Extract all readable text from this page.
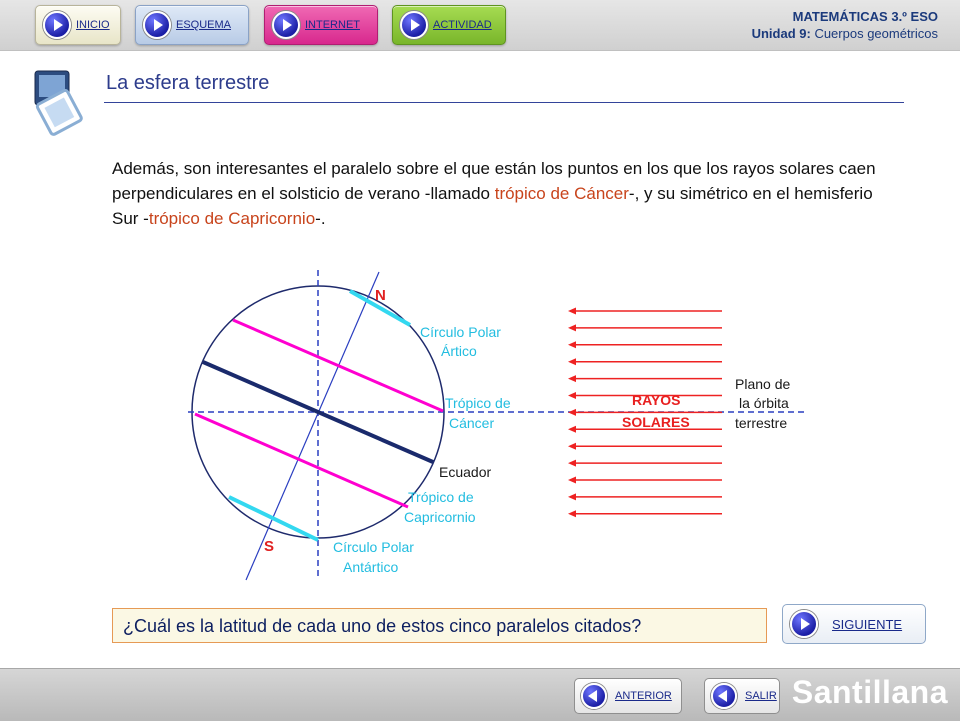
INICIO	ESQUEMA	INTERNET	ACTIVIDAD
MATEMÁTICAS 3.º ESO
Unidad 9: Cuerpos geométricos
La esfera terrestre
Además, son interesantes el paralelo sobre el que están los puntos en los que los rayos solares caen perpendiculares en el solsticio de verano -llamado trópico de Cáncer-, y su simétrico en el hemisferio Sur -trópico de Capricornio-.
N
S
Círculo Polar
Ártico
Trópico de
Cáncer
Trópico de
Capricornio
Círculo Polar
Antártico
Ecuador
RAYOS
SOLARES
Plano de
la órbita
terrestre
¿Cuál es la latitud de cada uno de estos cinco paralelos citados?	SIGUIENTE
ANTERIOR	SALIR Santillana
